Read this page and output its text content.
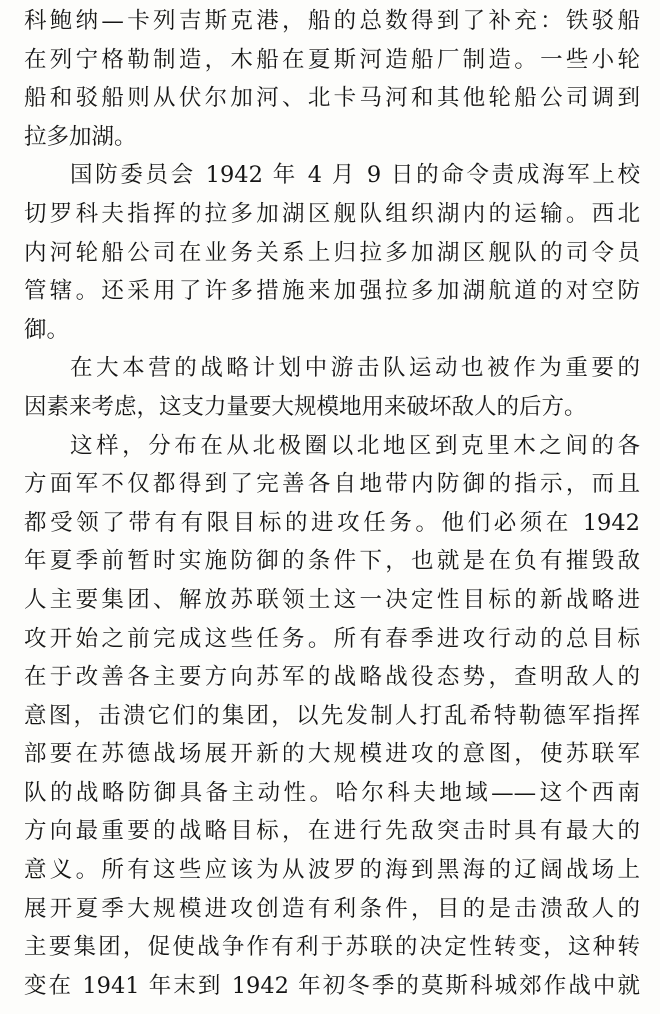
科鲍纳—卡列吉斯克港，船的总数得到了补充：铁驳船
在列宁格勒制造，木船在夏斯河造船厂制造。一些小轮
船和驳船则从伏尔加河、北卡马河和其他轮船公司调到
拉多加湖。
国防委员会 1942 年 4 月 9 日的命令责成海军上校
切罗科夫指挥的拉多加湖区舰队组织湖内的运输。西北
内河轮船公司在业务关系上归拉多加湖区舰队的司令员
管辖。还采用了许多措施来加强拉多加湖航道的对空防
御。
在大本营的战略计划中游击队运动也被作为重要的
因素来考虑，这支力量要大规模地用来破坏敌人的后方。
这样，分布在从北极圈以北地区到克里木之间的各
方面军不仅都得到了完善各自地带内防御的指示，而且
都受领了带有有限目标的进攻任务。他们必须在 1942
年夏季前暂时实施防御的条件下，也就是在负有摧毁敌
人主要集团、解放苏联领土这一决定性目标的新战略进
攻开始之前完成这些任务。所有春季进攻行动的总目标
在于改善各主要方向苏军的战略战役态势，查明敌人的
意图，击溃它们的集团，以先发制人打乱希特勒德军指挥
部要在苏德战场展开新的大规模进攻的意图，使苏联军
队的战略防御具备主动性。哈尔科夫地域——这个西南
方向最重要的战略目标，在进行先敌突击时具有最大的
意义。所有这些应该为从波罗的海到黑海的辽阔战场上
展开夏季大规模进攻创造有利条件，目的是击溃敌人的
主要集团，促使战争作有利于苏联的决定性转变，这种转
变在 1941 年末到 1942 年初冬季的莫斯科城郊作战中就
